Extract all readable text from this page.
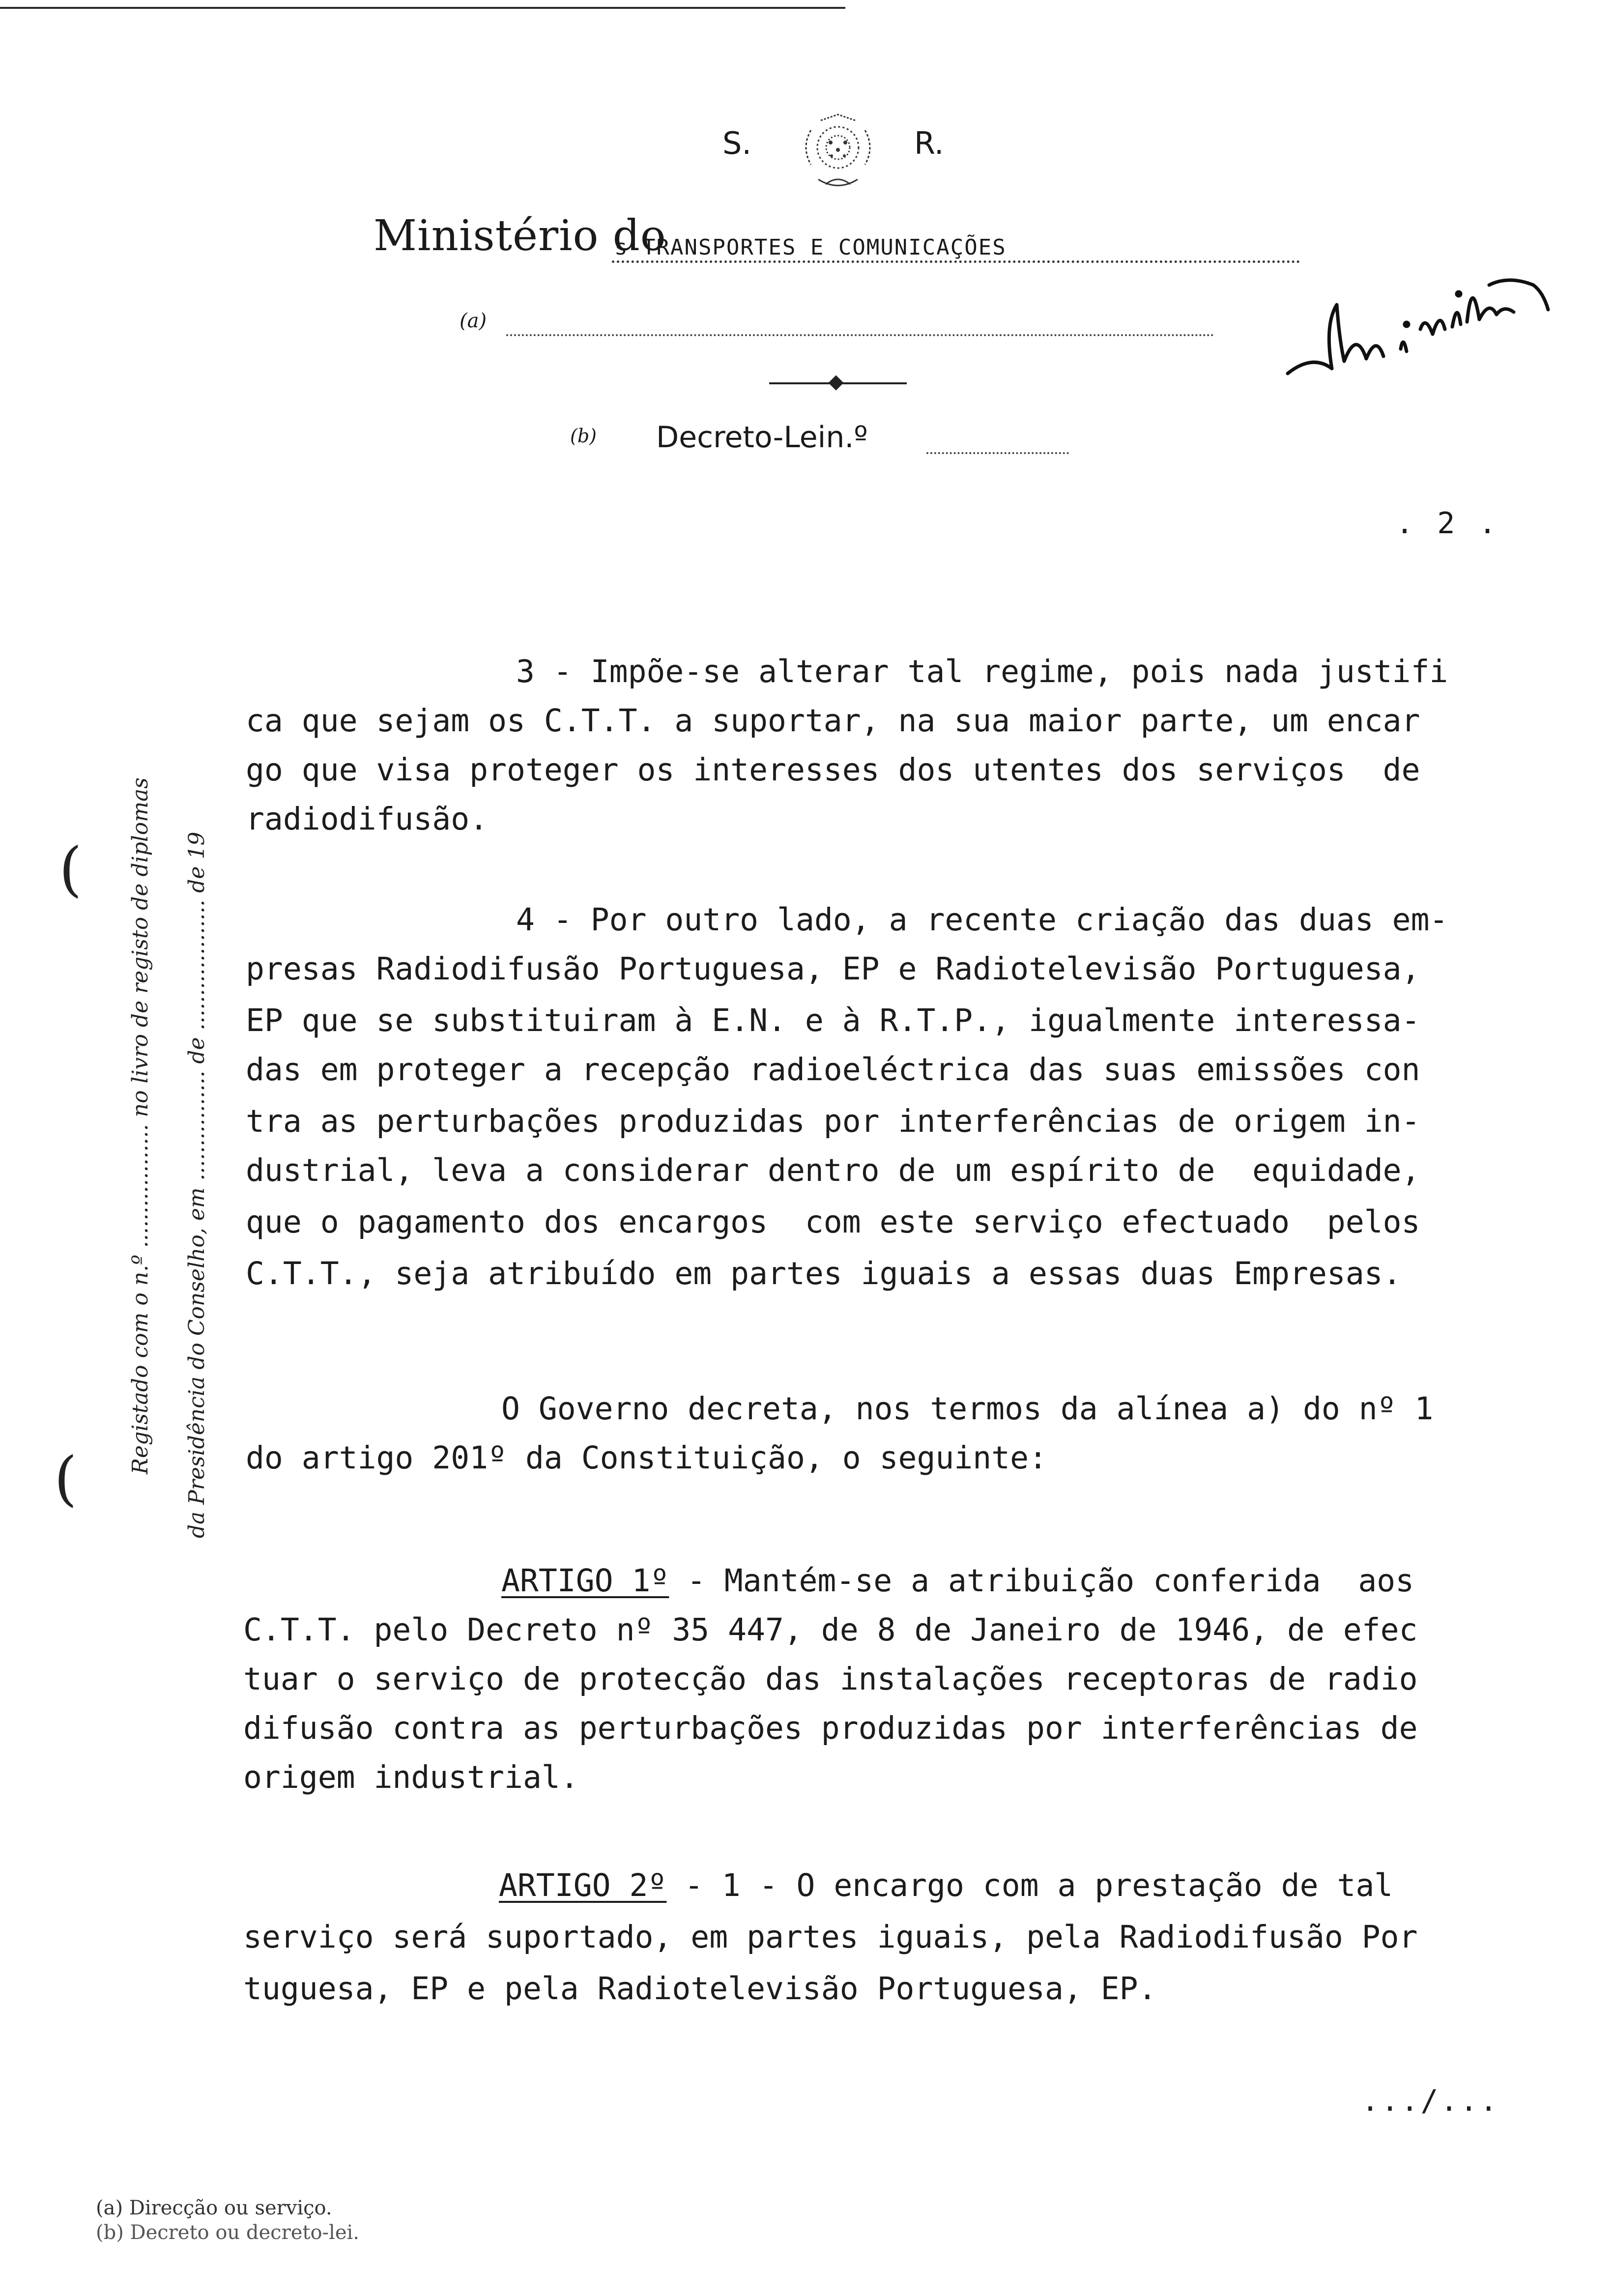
S.	R.
Ministério do
s TRANSPORTES E COMUNICAÇÕES
(a)
(b) Decreto-Lein.º
. 2 .
(
(
Registado com o n.º .................. no livro de registo de diplomas da Presidência do Conselho, em ................ de ................... de 19
3 - Impõe-se alterar tal regime, pois nada justifi
ca que sejam os C.T.T. a suportar, na sua maior parte, um encar
go que visa proteger os interesses dos utentes dos serviços  de
radiodifusão.
4 - Por outro lado, a recente criação das duas em-
presas Radiodifusão Portuguesa, EP e Radiotelevisão Portuguesa,
EP que se substituiram à E.N. e à R.T.P., igualmente interessa-
das em proteger a recepção radioeléctrica das suas emissões con
tra as perturbações produzidas por interferências de origem in-
dustrial, leva a considerar dentro de um espírito de  equidade,
que o pagamento dos encargos  com este serviço efectuado  pelos
C.T.T., seja atribuído em partes iguais a essas duas Empresas.
O Governo decreta, nos termos da alínea a) do nº 1
do artigo 201º da Constituição, o seguinte:
ARTIGO 1º
- Mantém-se a atribuição conferida  aos
C.T.T. pelo Decreto nº 35 447, de 8 de Janeiro de 1946, de efec
tuar o serviço de protecção das instalações receptoras de radio
difusão contra as perturbações produzidas por interferências de
origem industrial.
ARTIGO 2º
- 1 - O encargo com a prestação de tal
serviço será suportado, em partes iguais, pela Radiodifusão Por
tuguesa, EP e pela Radiotelevisão Portuguesa, EP.
.../...
(a) Direcção ou serviço.
(b) Decreto ou decreto-lei.
